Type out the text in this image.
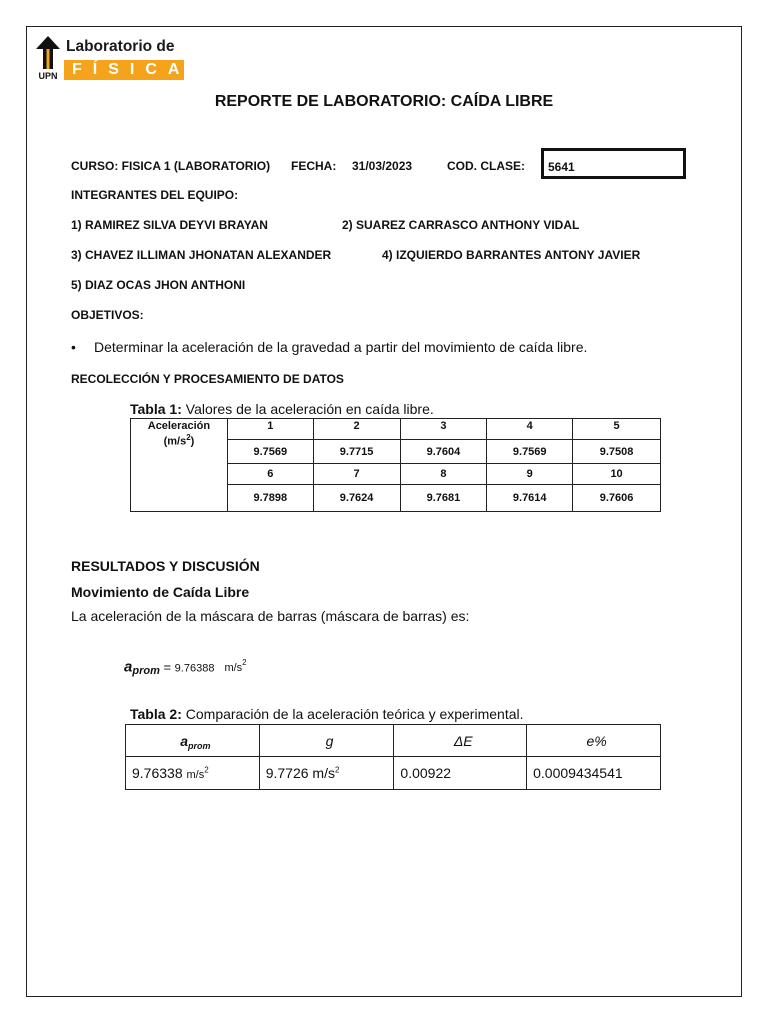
UPN
Laboratorio de
FÍSICA
REPORTE DE LABORATORIO: CAÍDA LIBRE
CURSO: FISICA 1 (LABORATORIO) FECHA: 31/03/2023	COD. CLASE: 5641
INTEGRANTES DEL EQUIPO:
1) RAMIREZ SILVA DEYVI BRAYAN	2) SUAREZ CARRASCO ANTHONY VIDAL
3) CHAVEZ ILLIMAN JHONATAN ALEXANDER	4) IZQUIERDO BARRANTES ANTONY JAVIER
5) DIAZ OCAS JHON ANTHONI
OBJETIVOS:
• Determinar la aceleración de la gravedad a partir del movimiento de caída libre.
RECOLECCIÓN Y PROCESAMIENTO DE DATOS
Tabla 1: Valores de la aceleración en caída libre.
Aceleración
$(m/s^2)$	1	2	3	4	5
	9.7569	9.7715	9.7604	9.7569	9.7508
	6	7	8	9	10
	9.7898	9.7624	9.7681	9.7614	9.7606
RESULTADOS Y DISCUSIÓN
Movimiento de Caída Libre
La aceleración de la máscara de barras (máscara de barras) es:
aprom = 9.76388 $m/s^2$
Tabla 2: Comparación de la aceleración teórica y experimental.
$a_{prom}$	g	ΔE	e%
9.76338 $m/s^2$	9.7726 $m/s^2$	0.00922	0.0009434541
